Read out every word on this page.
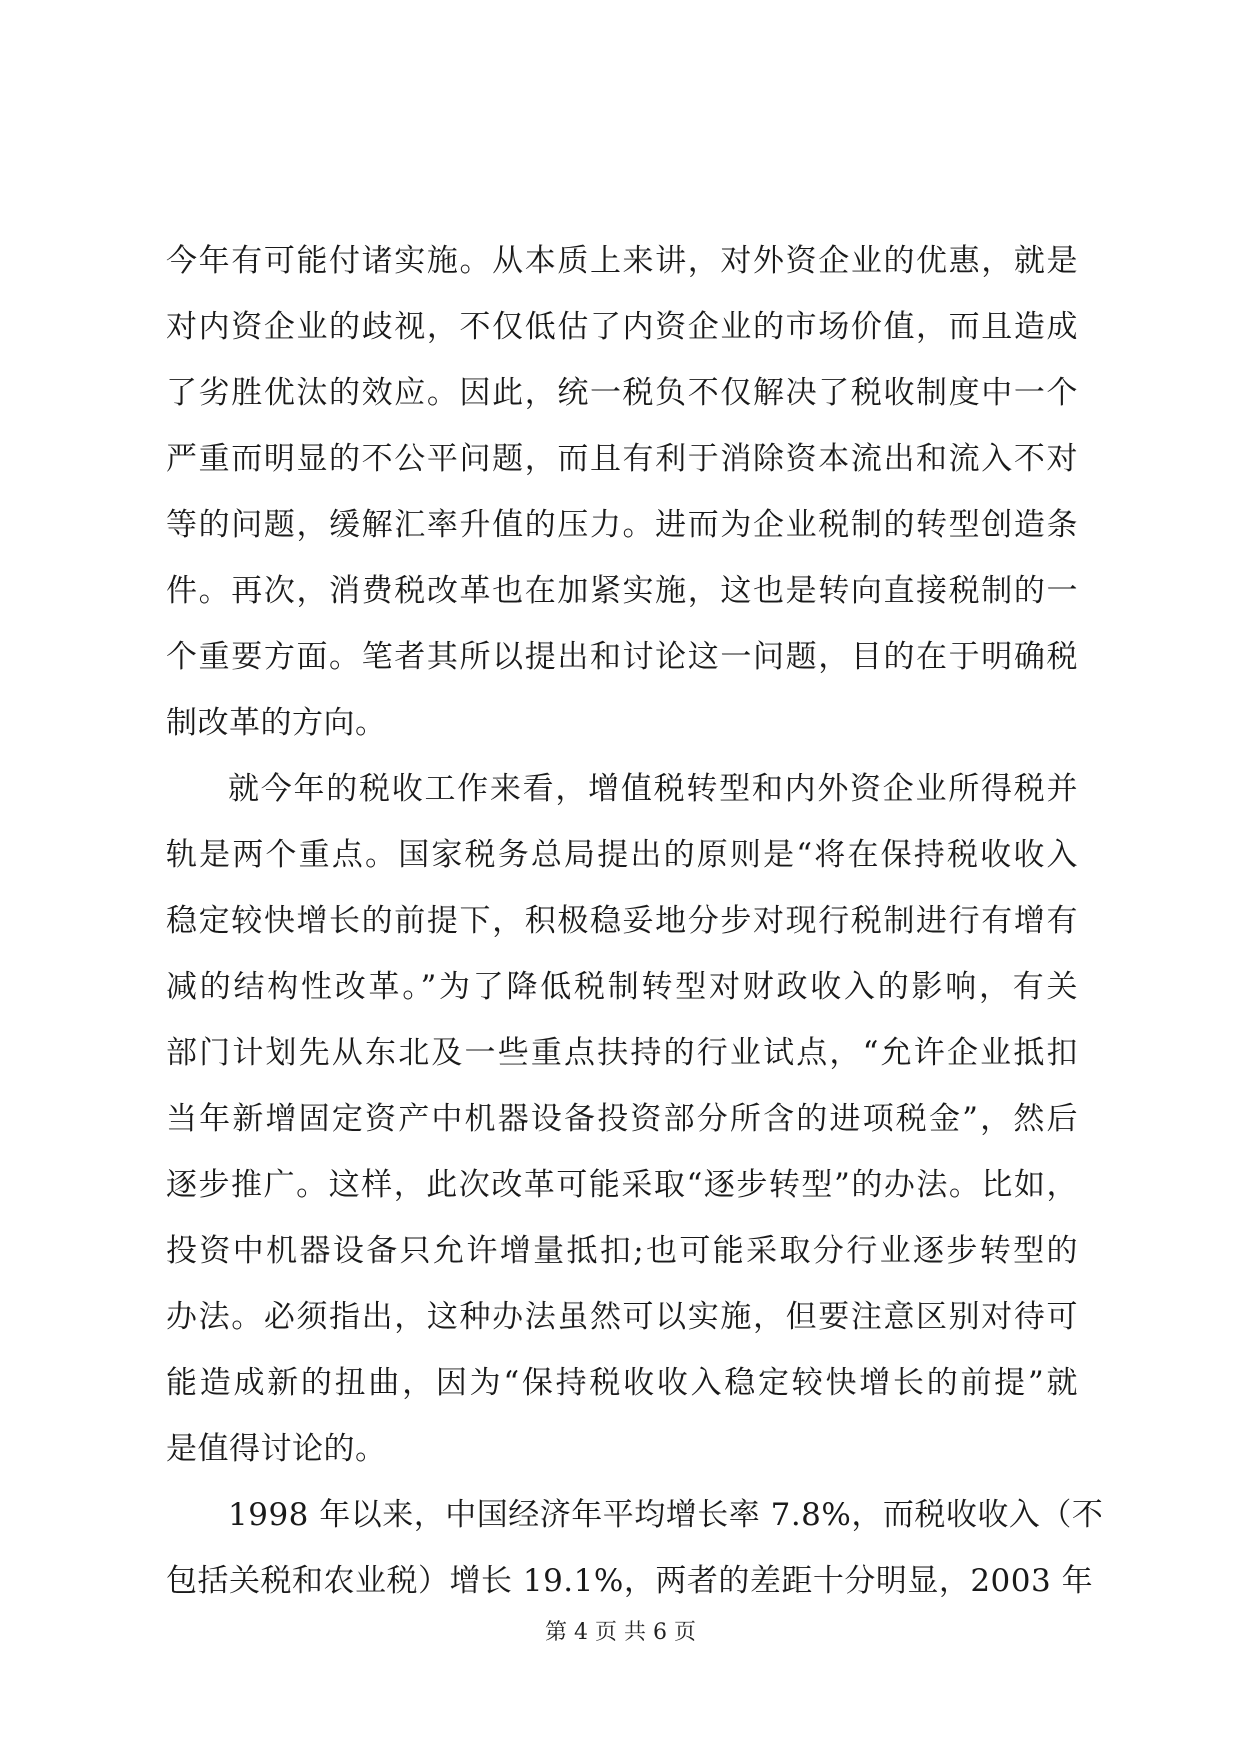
今年有可能付诸实施。从本质上来讲，对外资企业的优惠，就是
对内资企业的歧视，不仅低估了内资企业的市场价值，而且造成
了劣胜优汰的效应。因此，统一税负不仅解决了税收制度中一个
严重而明显的不公平问题，而且有利于消除资本流出和流入不对
等的问题，缓解汇率升值的压力。进而为企业税制的转型创造条
件。再次，消费税改革也在加紧实施，这也是转向直接税制的一
个重要方面。笔者其所以提出和讨论这一问题，目的在于明确税
制改革的方向。
就今年的税收工作来看，增值税转型和内外资企业所得税并
轨是两个重点。国家税务总局提出的原则是“将在保持税收收入
稳定较快增长的前提下，积极稳妥地分步对现行税制进行有增有
减的结构性改革。”为了降低税制转型对财政收入的影响，有关
部门计划先从东北及一些重点扶持的行业试点，“允许企业抵扣
当年新增固定资产中机器设备投资部分所含的进项税金”，然后
逐步推广。这样，此次改革可能采取“逐步转型”的办法。比如，
投资中机器设备只允许增量抵扣;也可能采取分行业逐步转型的
办法。必须指出，这种办法虽然可以实施，但要注意区别对待可
能造成新的扭曲，因为“保持税收收入稳定较快增长的前提”就
是值得讨论的。
1998 年以来，中国经济年平均增长率 7.8%，而税收收入（不
包括关税和农业税）增长 19.1%，两者的差距十分明显，2003 年
第 4 页 共 6 页
